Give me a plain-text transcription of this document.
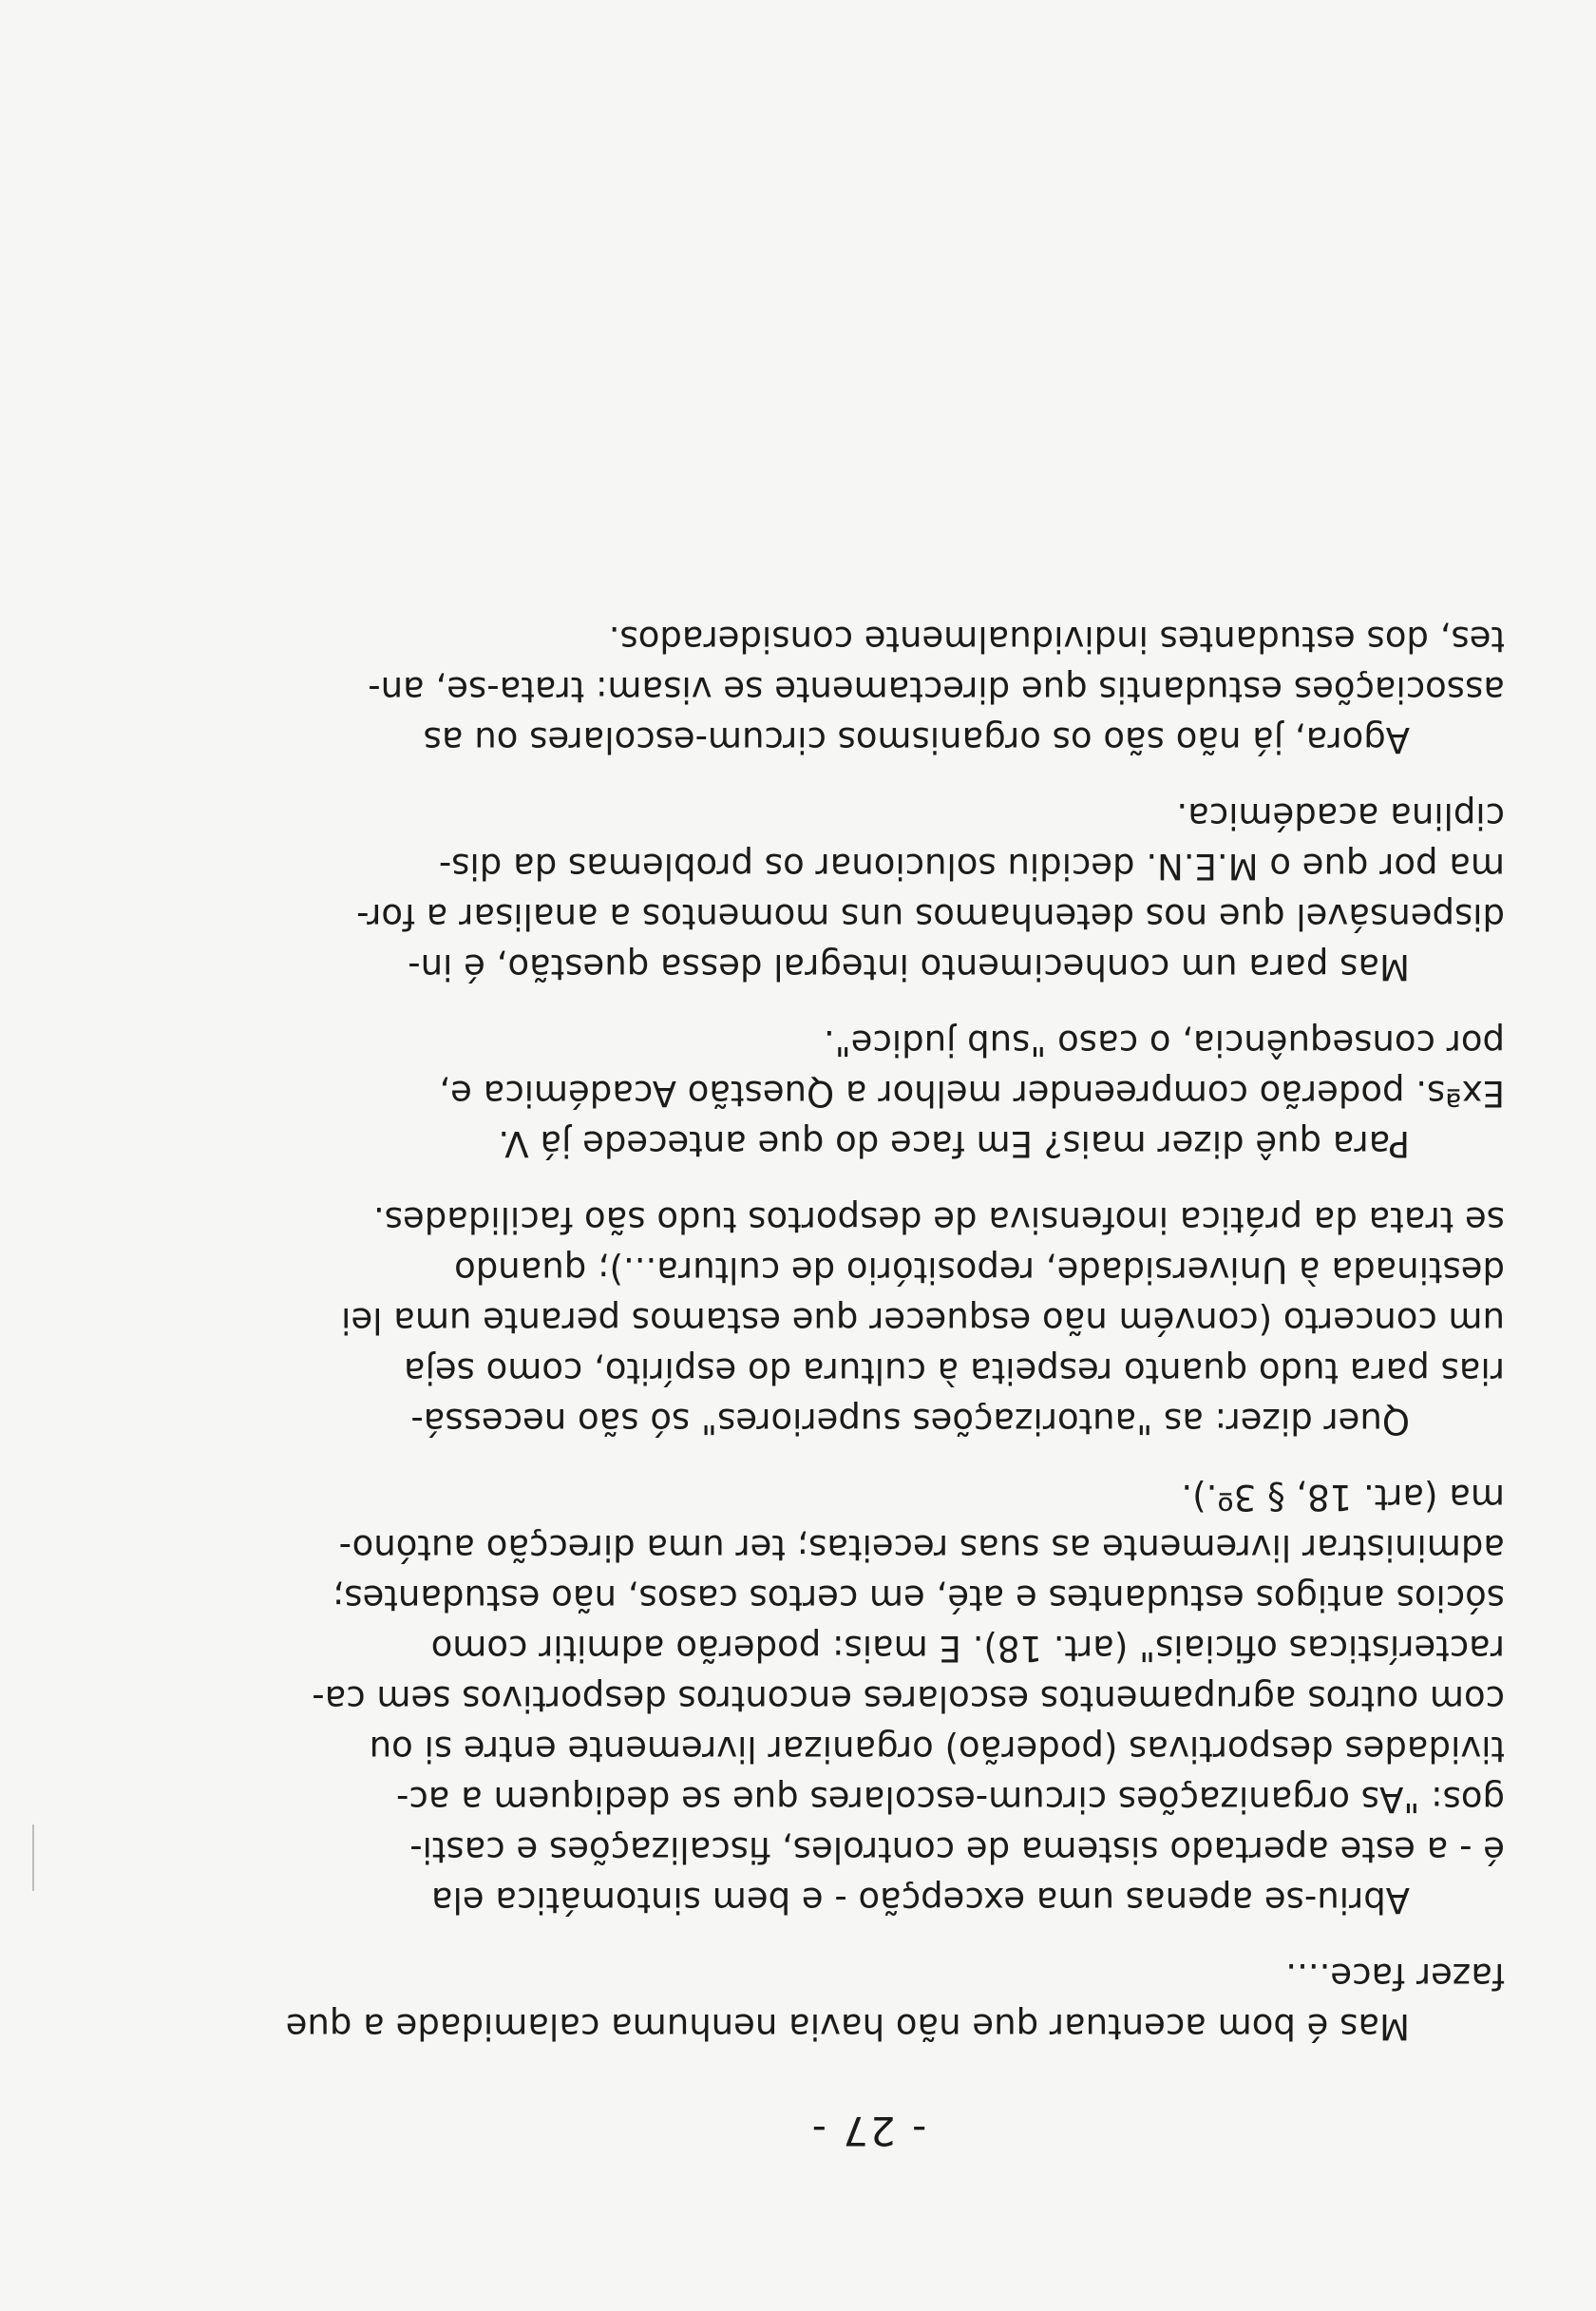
- 27 -
Mas é bom acentuar que não havia nenhuma calamidade a que
fazer face....
Abriu-se apenas uma excepção - e bem sintomática ela
é - a este apertado sistema de controles, fiscalizações e casti-
gos: "As organizações circum-escolares que se dediquem a ac-
tividades desportivas (poderão) organizar livremente entre si ou
com outros agrupamentos escolares encontros desportivos sem ca-
racterísticas oficiais" (art. 18). E mais: poderão admitir como
sócios antigos estudantes e até, em certos casos, não estudantes;
administrar livremente as suas receitas; ter uma direcção autóno-
ma (art. 18, § 3º.).
Quer dizer: as "autorizações superiores" só são necessá-
rias para tudo quanto respeita à cultura do espírito, como seja
um concerto (convém não esquecer que estamos perante uma lei
destinada à Universidade, repositório de cultura...); quando
se trata da prática inofensiva de desportos tudo são facilidades.
Para quê dizer mais? Em face do que antecede já V.
Exªs. poderão compreender melhor a Questão Académica e,
por consequência, o caso "sub judice".
Mas para um conhecimento integral dessa questão, é in-
dispensável que nos detenhamos uns momentos a analisar a for-
ma por que o M.E.N. decidiu solucionar os problemas da dis-
ciplina académica.
Agora, já não são os organismos circum-escolares ou as
associações estudantis que directamente se visam: trata-se, an-
tes, dos estudantes individualmente considerados.
